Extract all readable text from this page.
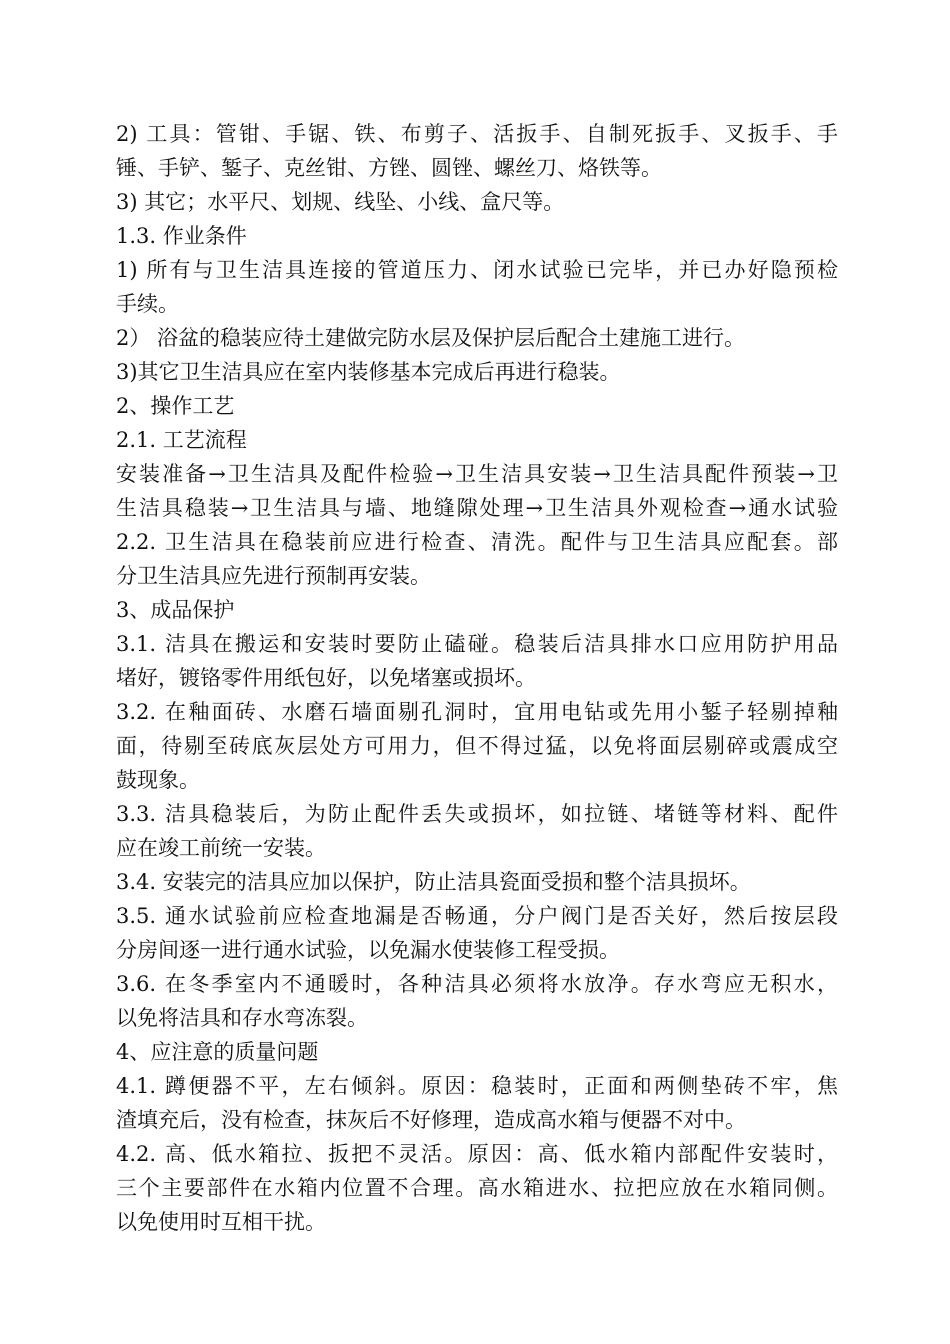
2) 工具：管钳、手锯、铁、布剪子、活扳手、自制死扳手、叉扳手、手
锤、手铲、錾子、克丝钳、方锉、圆锉、螺丝刀、烙铁等。
3) 其它；水平尺、划规、线坠、小线、盒尺等。
1.3. 作业条件
1) 所有与卫生洁具连接的管道压力、闭水试验已完毕，并已办好隐预检
手续。
2） 浴盆的稳装应待土建做完防水层及保护层后配合土建施工进行。
3)其它卫生洁具应在室内装修基本完成后再进行稳装。
2、操作工艺
2.1. 工艺流程
安装准备→卫生洁具及配件检验→卫生洁具安装→卫生洁具配件预装→卫
生洁具稳装→卫生洁具与墙、地缝隙处理→卫生洁具外观检查→通水试验
2.2. 卫生洁具在稳装前应进行检查、清洗。配件与卫生洁具应配套。部
分卫生洁具应先进行预制再安装。
3、成品保护
3.1. 洁具在搬运和安装时要防止磕碰。稳装后洁具排水口应用防护用品
堵好，镀铬零件用纸包好，以免堵塞或损坏。
3.2. 在釉面砖、水磨石墙面剔孔洞时，宜用电钻或先用小錾子轻剔掉釉
面，待剔至砖底灰层处方可用力，但不得过猛，以免将面层剔碎或震成空
鼓现象。
3.3. 洁具稳装后，为防止配件丢失或损坏，如拉链、堵链等材料、配件
应在竣工前统一安装。
3.4. 安装完的洁具应加以保护，防止洁具瓷面受损和整个洁具损坏。
3.5. 通水试验前应检查地漏是否畅通，分户阀门是否关好，然后按层段
分房间逐一进行通水试验，以免漏水使装修工程受损。
3.6. 在冬季室内不通暖时，各种洁具必须将水放净。存水弯应无积水，
以免将洁具和存水弯冻裂。
4、应注意的质量问题
4.1. 蹲便器不平，左右倾斜。原因：稳装时，正面和两侧垫砖不牢，焦
渣填充后，没有检查，抹灰后不好修理，造成高水箱与便器不对中。
4.2. 高、低水箱拉、扳把不灵活。原因：高、低水箱内部配件安装时，
三个主要部件在水箱内位置不合理。高水箱进水、拉把应放在水箱同侧。
以免使用时互相干扰。
